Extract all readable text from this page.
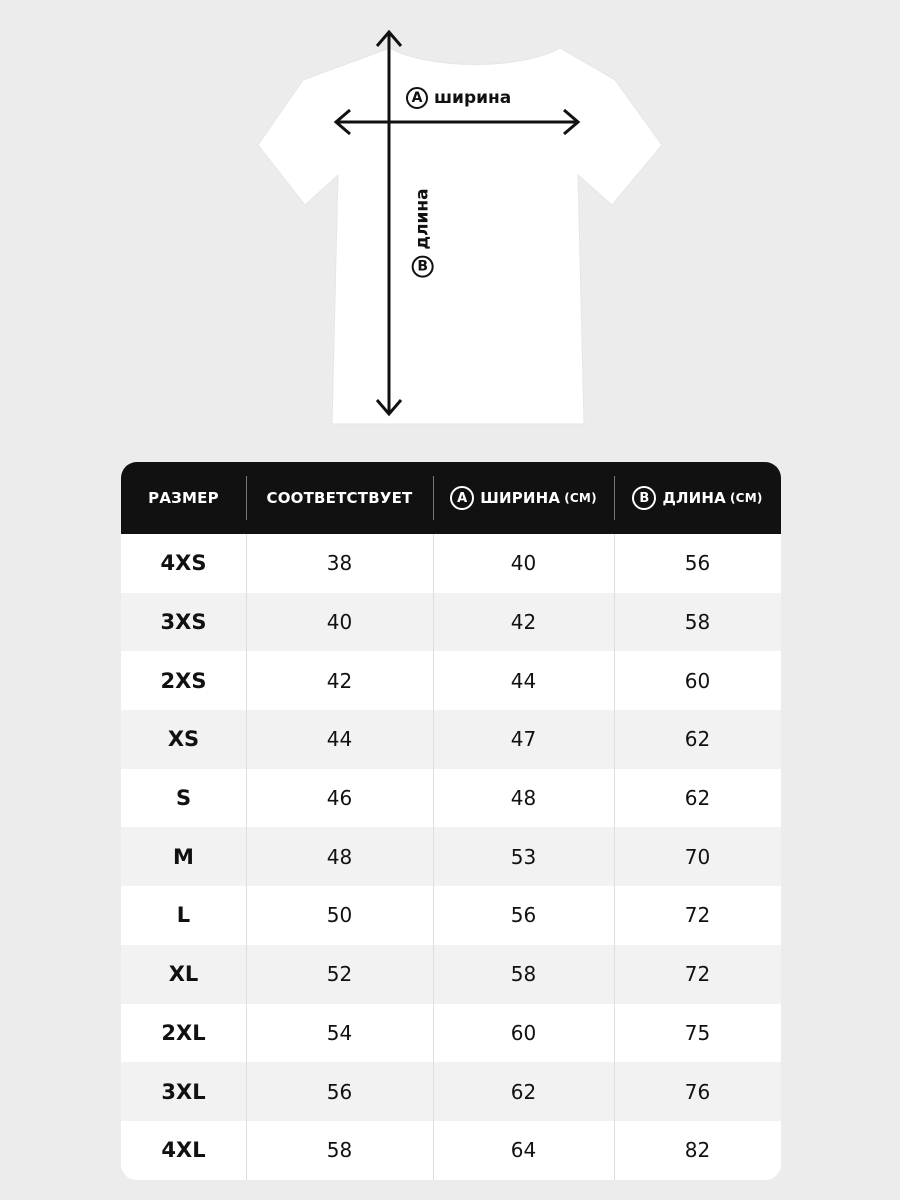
A ширина
B
длина
РАЗМЕР	СООТВЕТСТВУЕТ	A ШИРИНА (СМ)	B ДЛИНА (СМ)
4XS	38	40	56
3XS	40	42	58
2XS	42	44	60
XS	44	47	62
S	46	48	62
M	48	53	70
L	50	56	72
XL	52	58	72
2XL	54	60	75
3XL	56	62	76
4XL	58	64	82
